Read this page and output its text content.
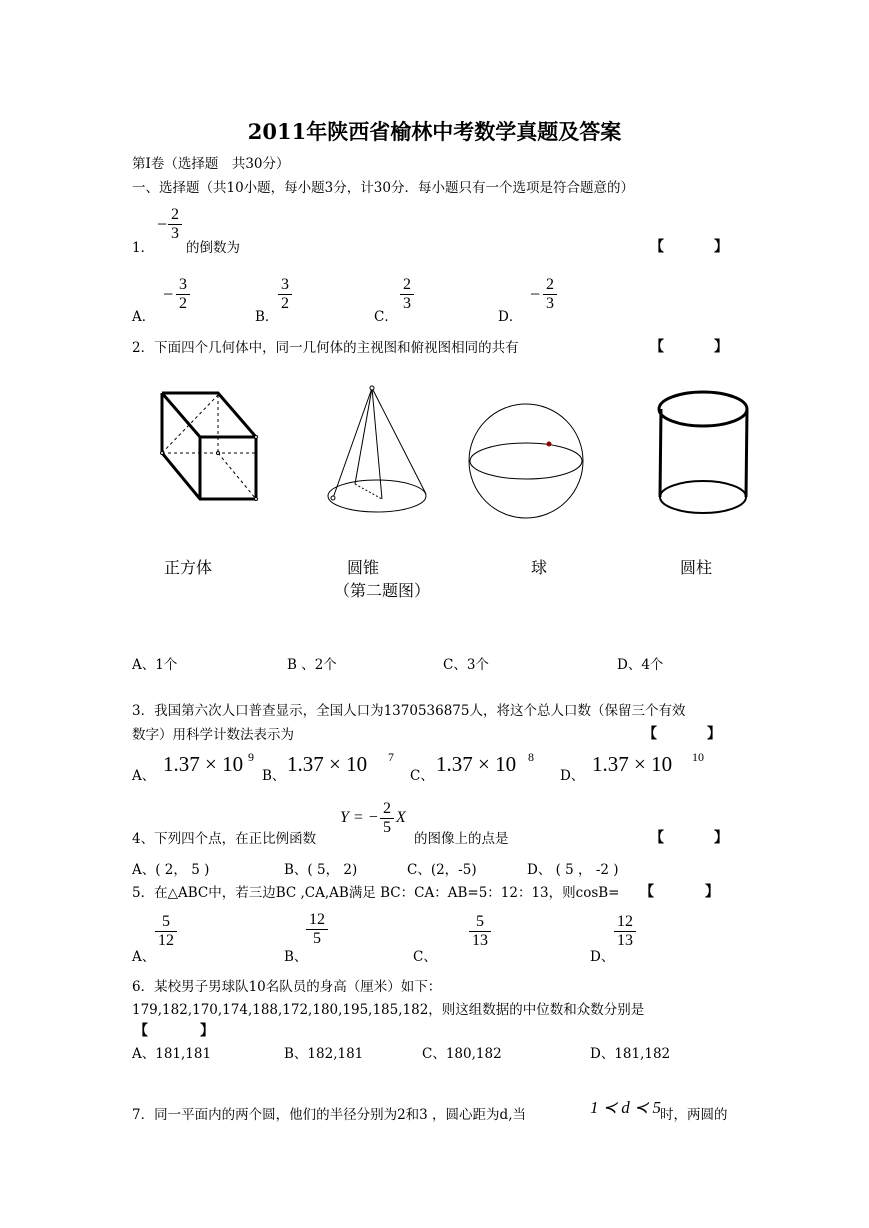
2011年陕西省榆林中考数学真题及答案
第Ⅰ卷（选择题　共30分）
一、选择题（共10小题，每小题3分，计30分．每小题只有一个选项是符合题意的）
− 2
3
1． 的倒数为	【	】
A．
− 3
2
B．
3
2
C．
2
3
D．
− 2
3
2．下面四个几何体中，同一几何体的主视图和俯视图相同的共有	【	】
正方体	圆锥	球	圆柱
（第二题图）
A、1个	B 、2个	C、3个	D、4个
3．我国第六次人口普查显示，全国人口为1370536875人，将这个总人口数（保留三个有效
数字）用科学计数法表示为	【	】
A、 1.37 × 10 9
B、 1.37 × 10 7
C、 1.37 × 10 8
D、 1.37 × 10 10
4、下列四个点，在正比例函数
Y = −
2
5
X
的图像上的点是	【	】
A、( 2， 5 )	B、( 5， 2)	C、(2，-5)	D、 ( 5 ， -2 )
5．在△ABC中，若三边BC ,CA,AB满足 BC：CA：AB=5：12：13，则cosB= 【	】
A、
5
12
B、
12
5
C、
5
13
D、
12
13
6．某校男子男球队10名队员的身高（厘米）如下：
179,182,170,174,188,172,180,195,185,182，则这组数据的中位数和众数分别是
【	】
A、181,181	B、182,181	C、180,182	D、181,182
7．同一平面内的两个圆，他们的半径分别为2和3 ，圆心距为d,当	1 ≺ d ≺ 5 时，两圆的
